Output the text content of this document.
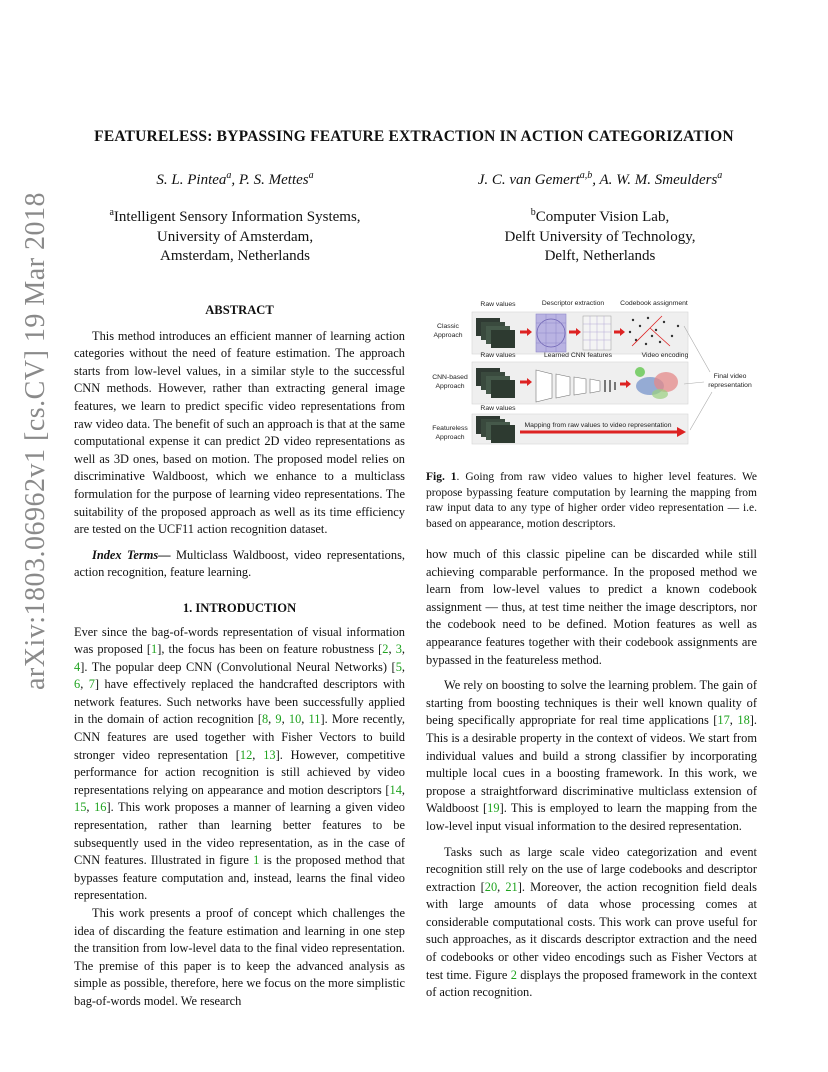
arXiv:1803.06962v1 [cs.CV] 19 Mar 2018
FEATURELESS: BYPASSING FEATURE EXTRACTION IN ACTION CATEGORIZATION
S. L. Pintea$^a$, P. S. Mettes$^a$	J. C. van Gemert$^{a,b}$, A. W. M. Smeulders$^a$
$^a$Intelligent Sensory Information Systems,
University of Amsterdam,
Amsterdam, Netherlands
$^b$Computer Vision Lab,
Delft University of Technology,
Delft, Netherlands
ABSTRACT

This method introduces an efficient manner of learning action categories without the need of feature estimation. The approach starts from low-level values, in a similar style to the successful CNN methods. However, rather than extracting general image features, we learn to predict specific video representations from raw video data. The benefit of such an approach is that at the same computational expense it can predict 2D video representations as well as 3D ones, based on motion. The proposed model relies on discriminative Waldboost, which we enhance to a multiclass formulation for the purpose of learning video representations. The suitability of the proposed approach as well as its time efficiency are tested on the UCF11 action recognition dataset.

Index Terms— Multiclass Waldboost, video representations, action recognition, feature learning.

1. INTRODUCTION

Ever since the bag-of-words representation of visual information was proposed [1], the focus has been on feature robustness [2, 3, 4]. The popular deep CNN (Convolutional Neural Networks) [5, 6, 7] have effectively replaced the handcrafted descriptors with network features. Such networks have been successfully applied in the domain of action recognition [8, 9, 10, 11]. More recently, CNN features are used together with Fisher Vectors to build stronger video representation [12, 13]. However, competitive performance for action recognition is still achieved by video representations relying on appearance and motion descriptors [14, 15, 16]. This work proposes a manner of learning a given video representation, rather than learning better features to be subsequently used in the video representation, as in the case of CNN features. Illustrated in figure 1 is the proposed method that bypasses feature computation and, instead, learns the final video representation.

This work presents a proof of concept which challenges the idea of discarding the feature estimation and learning in one step the transition from low-level data to the final video representation. The premise of this paper is to keep the advanced analysis as simple as possible, therefore, here we focus on the more simplistic bag-of-words model. We research

Classic
Approach
CNN-based
Approach
Featureless
Approach
Raw values	Descriptor extraction Codebook assignment
Raw values	Learned CNN features	Video encoding
Raw values
Final video
representation
Mapping from raw values to video representation
Fig. 1. Going from raw video values to higher level features. We propose bypassing feature computation by learning the mapping from raw input data to any type of higher order video representation — i.e. based on appearance, motion descriptors.

how much of this classic pipeline can be discarded while still achieving comparable performance. In the proposed method we learn from low-level values to predict a known codebook assignment — thus, at test time neither the image descriptors, nor the codebook need to be defined. Motion features as well as appearance features together with their codebook assignments are bypassed in the featureless method.

We rely on boosting to solve the learning problem. The gain of starting from boosting techniques is their well known quality of being specifically appropriate for real time applications [17, 18]. This is a desirable property in the context of videos. We start from individual values and build a strong classifier by incorporating multiple local cues in a boosting framework. In this work, we propose a straightforward discriminative multiclass extension of Waldboost [19]. This is employed to learn the mapping from the low-level input visual information to the desired representation.

Tasks such as large scale video categorization and event recognition still rely on the use of large codebooks and descriptor extraction [20, 21]. Moreover, the action recognition field deals with large amounts of data whose processing comes at considerable computational costs. This work can prove useful for such approaches, as it discards descriptor extraction and the need of codebooks or other video encodings such as Fisher Vectors at test time. Figure 2 displays the proposed framework in the context of action recognition.
